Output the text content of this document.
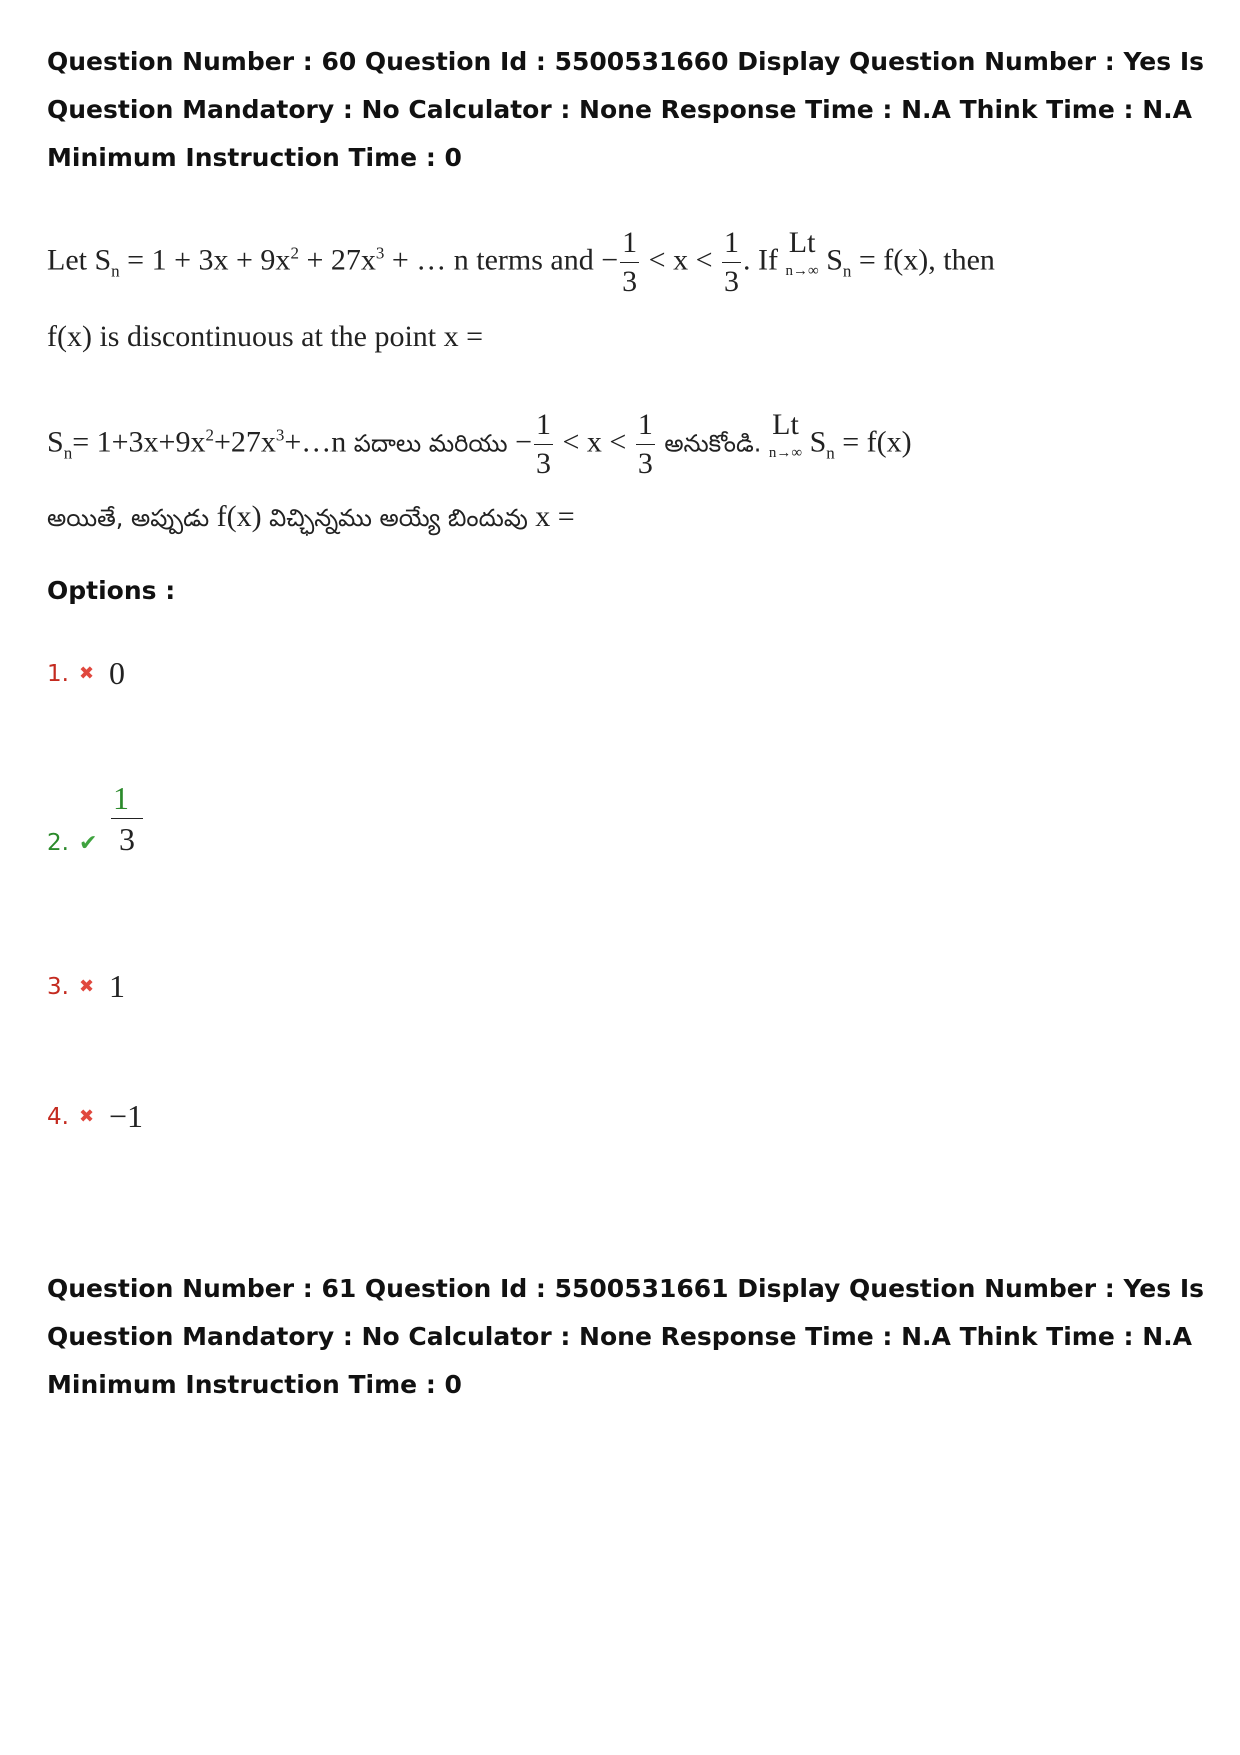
Question Number : 60 Question Id : 5500531660 Display Question Number : Yes Is Question Mandatory : No Calculator : None Response Time : N.A Think Time : N.A Minimum Instruction Time : 0
Let $S_n = 1 + 3x + 9x^2 + 27x^3$ + … n terms and − $\frac{1}{3} < x < \frac{1}{3}$ . If
Lt
n→∞ $S_n = f(x)$, then
f(x) is discontinuous at the point x =
$S_n=$ $1+3x+9x^2+27x^3+\dots n$ పదాలు మరియు − $\frac{1}{3} < x < \frac{1}{3}$ అనుకోండి.
Lt
n→∞ $S_n = f(x)$
అయితే, అప్పుడు f(x) విచ్ఛిన్నము అయ్యే బిందువు x =
Options :
1. ✖ 0
2. ✔ $\frac{1}{3}$
3. ✖ 1
4. ✖ −1
Question Number : 61 Question Id : 5500531661 Display Question Number : Yes Is Question Mandatory : No Calculator : None Response Time : N.A Think Time : N.A Minimum Instruction Time : 0
